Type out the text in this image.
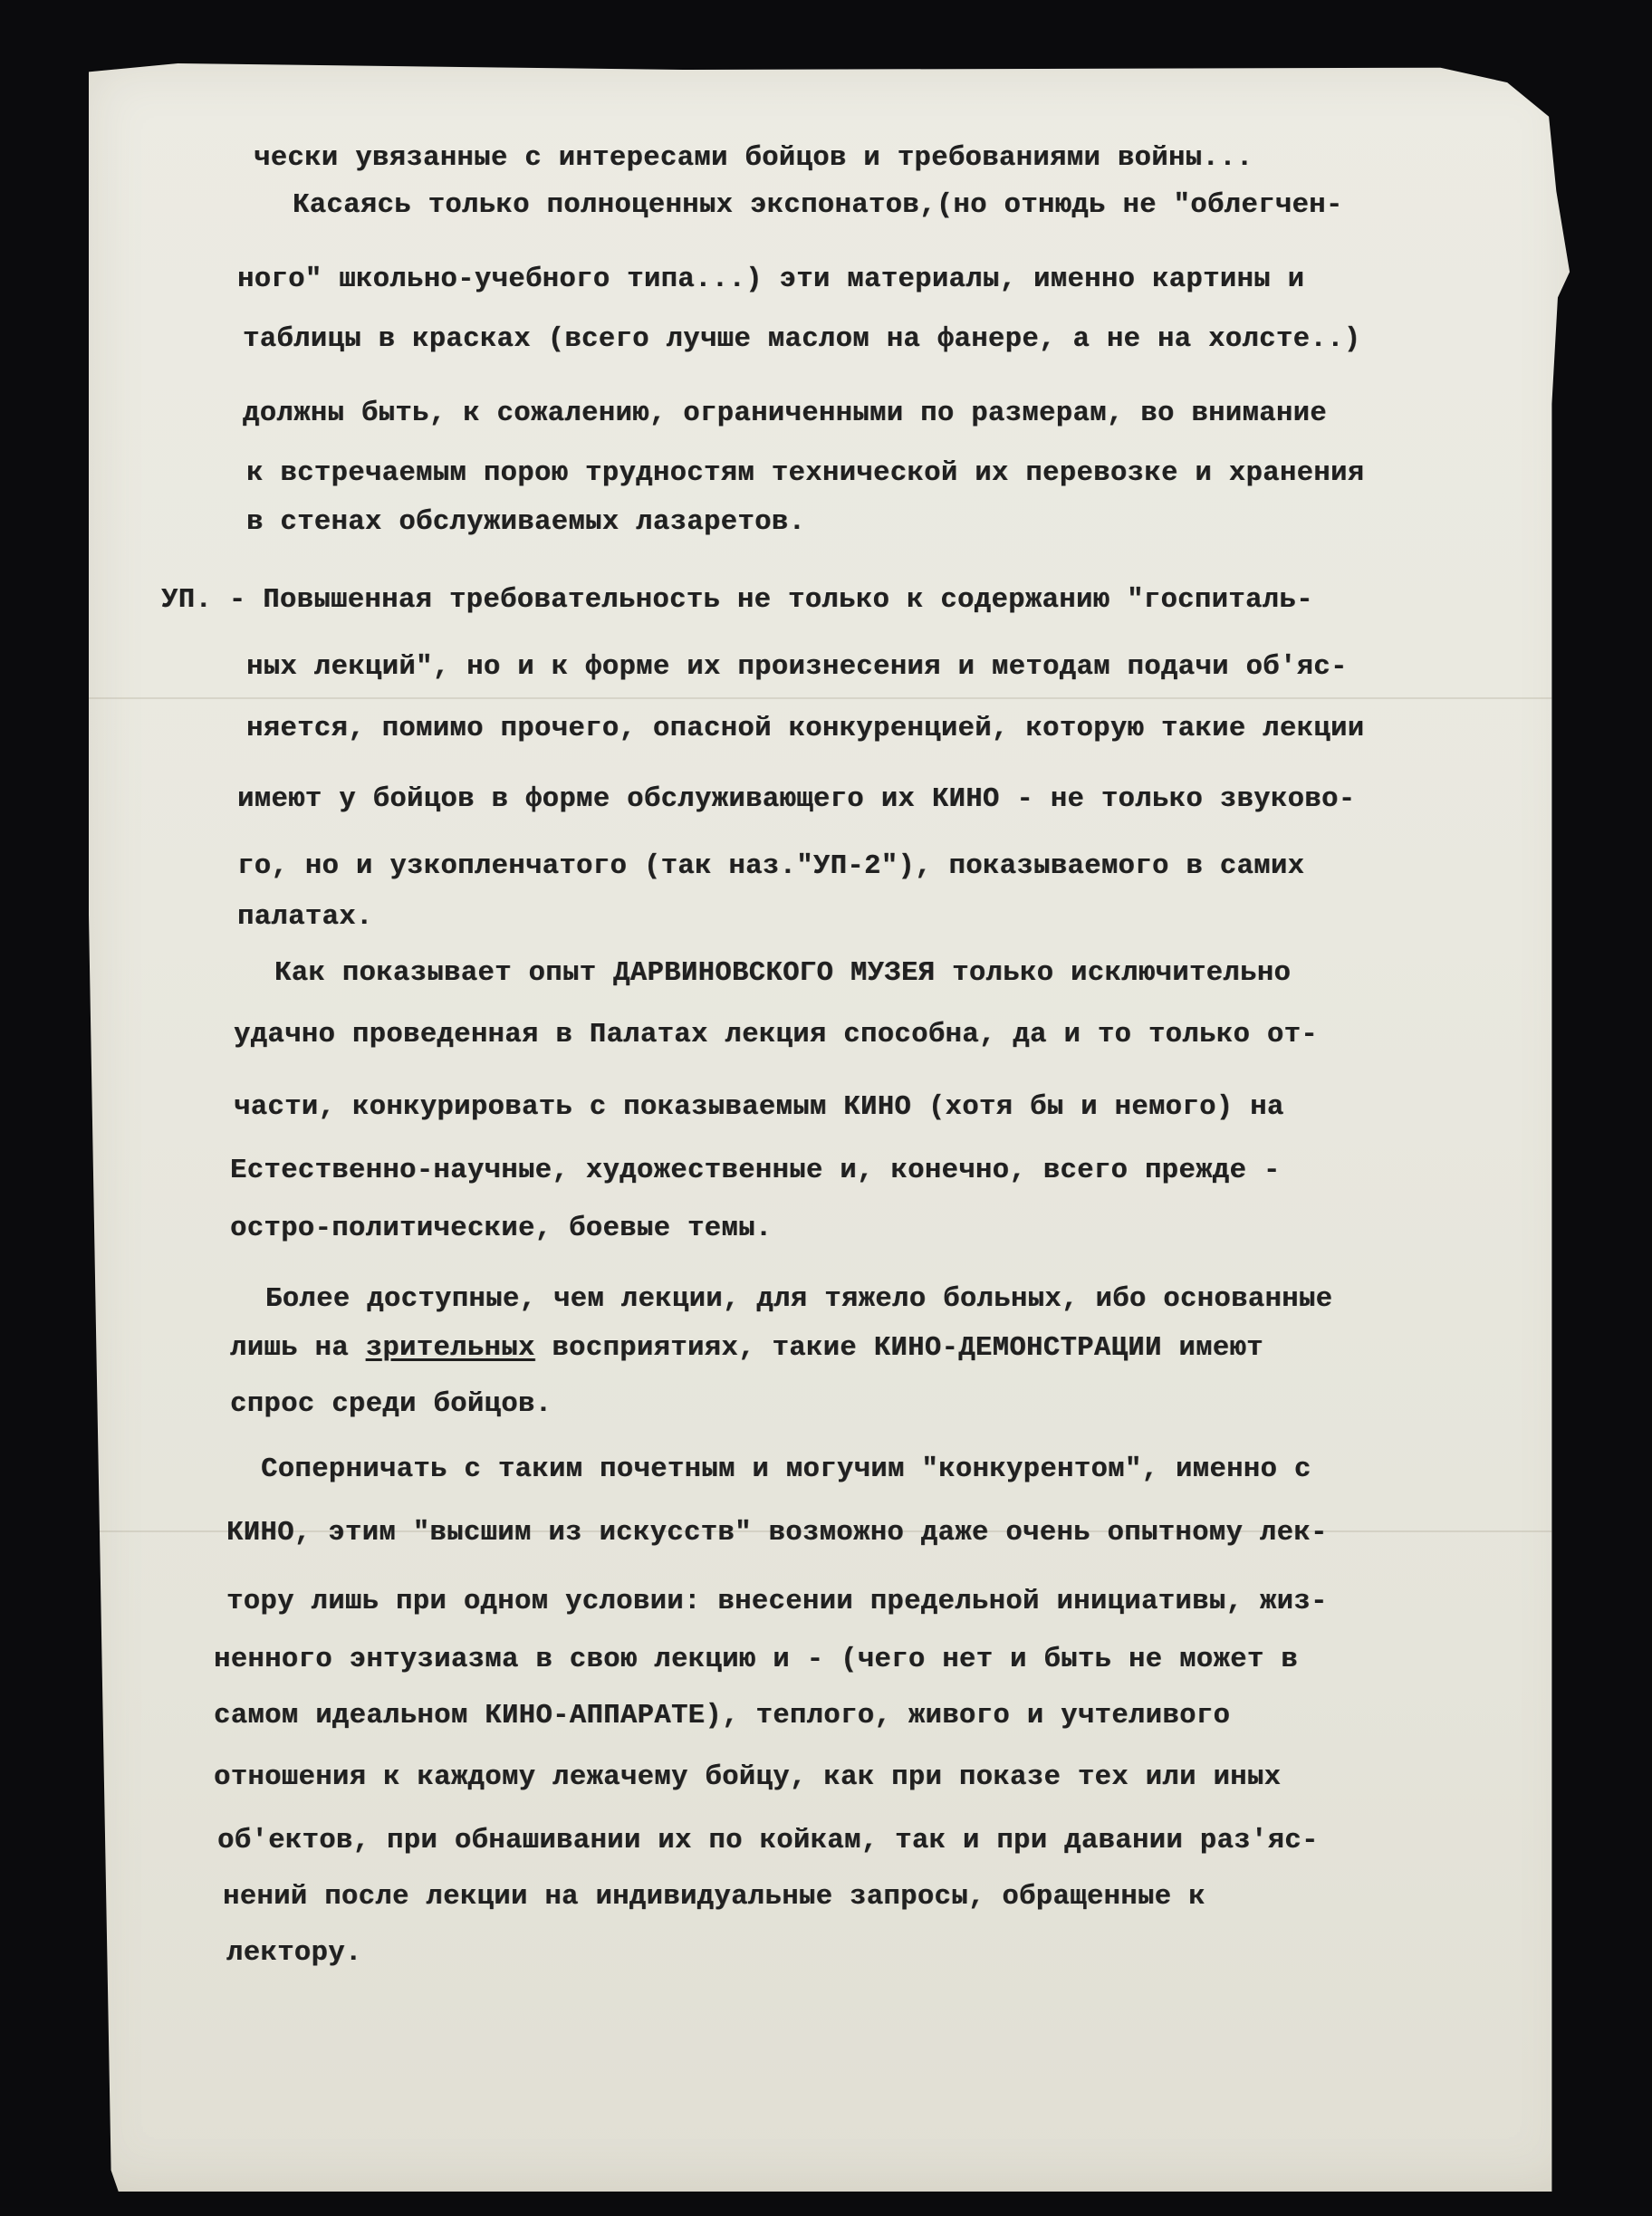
чески увязанные с интересами бойцов и требованиями войны...
Касаясь только полноценных экспонатов,(но отнюдь не "облегчен-
ного" школьно-учебного типа...) эти материалы, именно картины и
таблицы в красках (всего лучше маслом на фанере, а не на холсте..)
должны быть, к сожалению, ограниченными по размерам, во внимание
к встречаемым порою трудностям технической их перевозке и хранения
в стенах обслуживаемых лазаретов.
УП. - Повышенная требовательность не только к содержанию "госпиталь-
ных лекций", но и к форме их произнесения и методам подачи об'яс-
няется, помимо прочего, опасной конкуренцией, которую такие лекции
имеют у бойцов в форме обслуживающего их КИНО - не только звуково-
го, но и узкопленчатого (так наз."УП-2"), показываемого в самих
палатах.
Как показывает опыт ДАРВИНОВСКОГО МУЗЕЯ только исключительно
удачно проведенная в Палатах лекция способна, да и то только от-
части, конкурировать с показываемым КИНО (хотя бы и немого) на
Естественно-научные, художественные и, конечно, всего прежде -
остро-политические, боевые темы.
Более доступные, чем лекции, для тяжело больных, ибо основанные
лишь на зрительных восприятиях, такие КИНО-ДЕМОНСТРАЦИИ имеют
спрос среди бойцов.
Соперничать с таким почетным и могучим "конкурентом", именно с
КИНО, этим "высшим из искусств" возможно даже очень опытному лек-
тору лишь при одном условии: внесении предельной инициативы, жиз-
ненного энтузиазма в свою лекцию и - (чего нет и быть не может в
самом идеальном КИНО-АППАРАТЕ), теплого, живого и учтеливого
отношения к каждому лежачему бойцу, как при показе тех или иных
об'ектов, при обнашивании их по койкам, так и при давании раз'яс-
нений после лекции на индивидуальные запросы, обращенные к
лектору.
